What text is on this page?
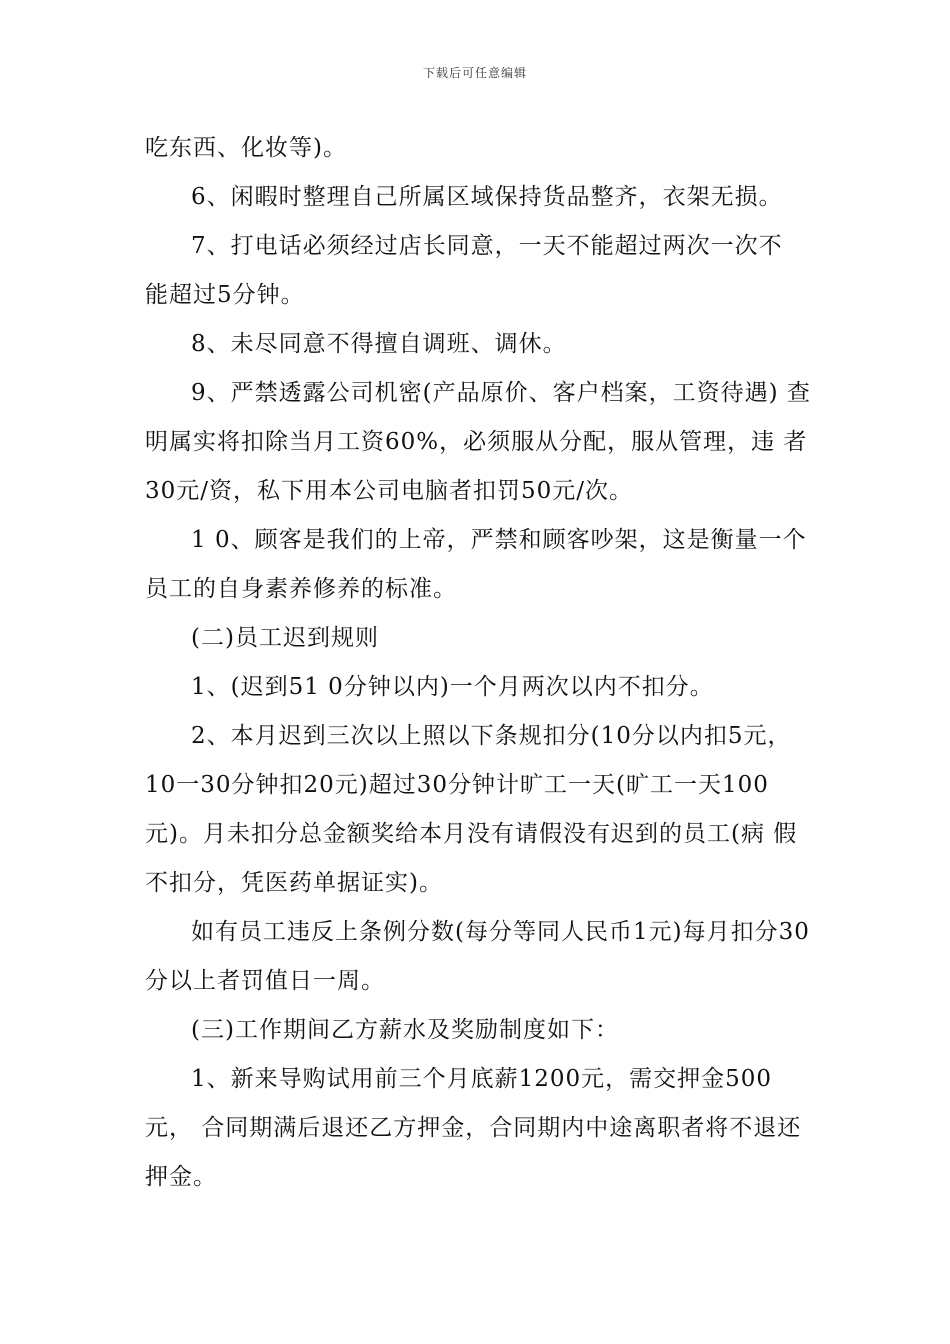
下载后可任意编辑

吃东西、化妆等)。

6、闲暇时整理自己所属区域保持货品整齐，衣架无损。

7、打电话必须经过店长同意，一天不能超过两次一次不 能超过5分钟。

8、未尽同意不得擅自调班、调休。

9、严禁透露公司机密(产品原价、客户档案，工资待遇) 查明属实将扣除当月工资60%，必须服从分配，服从管理，违 者30元/资，私下用本公司电脑者扣罚50元/次。

1 0、顾客是我们的上帝，严禁和顾客吵架，这是衡量一个 员工的自身素养修养的标准。

(二)员工迟到规则

1、(迟到51 0分钟以内)一个月两次以内不扣分。

2、本月迟到三次以上照以下条规扣分(10分以内扣5元， 10一30分钟扣20元)超过30分钟计旷工一天(旷工一天100 元)。月未扣分总金额奖给本月没有请假没有迟到的员工(病 假不扣分，凭医药单据证实)。

如有员工违反上条例分数(每分等同人民币1元)每月扣分30分以上者罚值日一周。

(三)工作期间乙方薪水及奖励制度如下：

1、新来导购试用前三个月底薪1200元，需交押金500元， 合同期满后退还乙方押金，合同期内中途离职者将不退还押金。
